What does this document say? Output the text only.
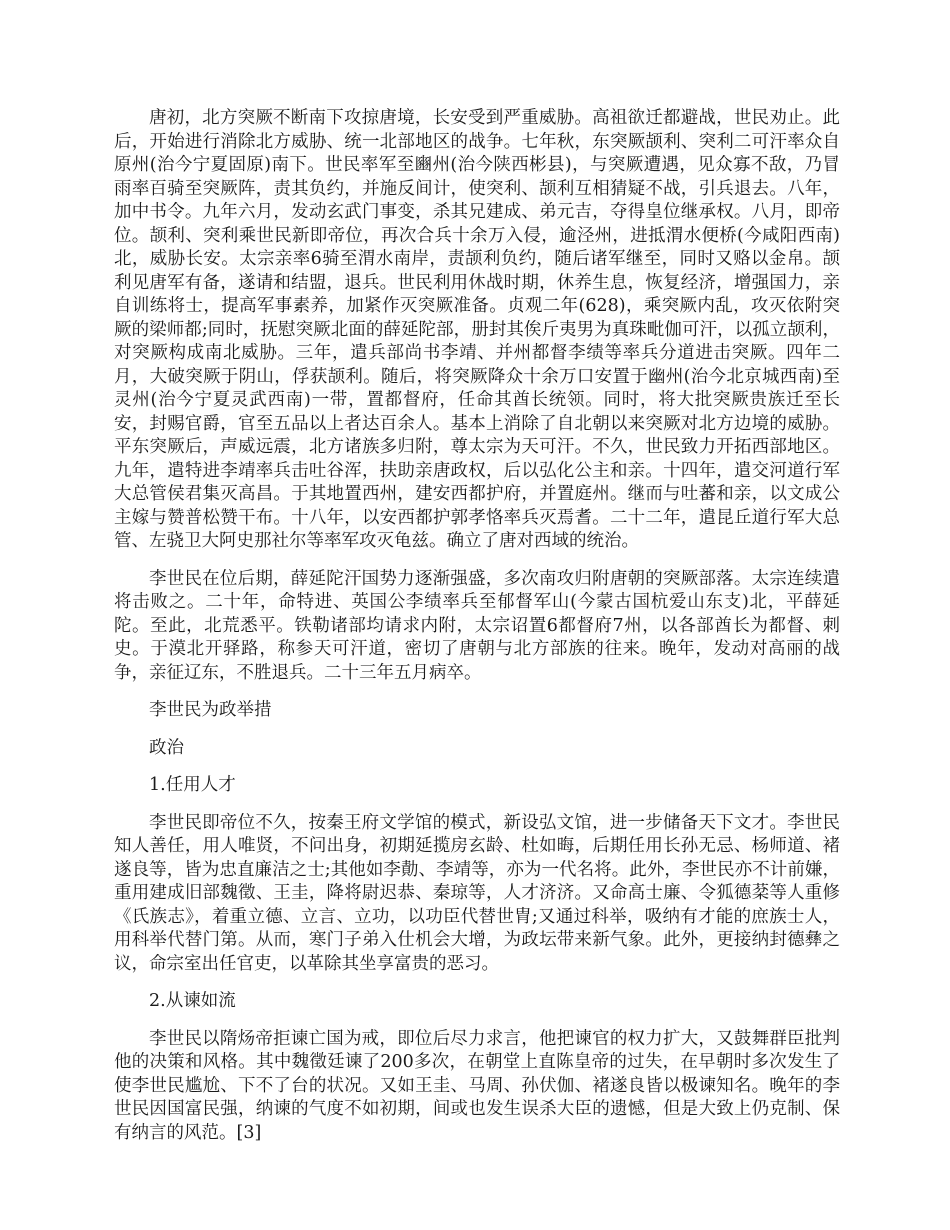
唐初，北方突厥不断南下攻掠唐境，长安受到严重威胁。高祖欲迁都避战，世民劝止。此后，开始进行消除北方威胁、统一北部地区的战争。七年秋，东突厥颉利、突利二可汗率众自原州(治今宁夏固原)南下。世民率军至豳州(治今陕西彬县)，与突厥遭遇，见众寡不敌，乃冒雨率百骑至突厥阵，责其负约，并施反间计，使突利、颉利互相猜疑不战，引兵退去。八年，加中书令。九年六月，发动玄武门事变，杀其兄建成、弟元吉，夺得皇位继承权。八月，即帝位。颉利、突利乘世民新即帝位，再次合兵十余万入侵，逾泾州，进抵渭水便桥(今咸阳西南)北，威胁长安。太宗亲率6骑至渭水南岸，责颉利负约，随后诸军继至，同时又赂以金帛。颉利见唐军有备，遂请和结盟，退兵。世民利用休战时期，休养生息，恢复经济，增强国力，亲自训练将士，提高军事素养，加紧作灭突厥准备。贞观二年(628)，乘突厥内乱，攻灭依附突厥的梁师都;同时，抚慰突厥北面的薛延陀部，册封其俟斤夷男为真珠毗伽可汗，以孤立颉利，对突厥构成南北威胁。三年，遣兵部尚书李靖、并州都督李绩等率兵分道进击突厥。四年二月，大破突厥于阴山，俘获颉利。随后，将突厥降众十余万口安置于幽州(治今北京城西南)至灵州(治今宁夏灵武西南)一带，置都督府，任命其酋长统领。同时，将大批突厥贵族迁至长安，封赐官爵，官至五品以上者达百余人。基本上消除了自北朝以来突厥对北方边境的威胁。平东突厥后，声威远震，北方诸族多归附，尊太宗为天可汗。不久，世民致力开拓西部地区。九年，遣特进李靖率兵击吐谷浑，扶助亲唐政权，后以弘化公主和亲。十四年，遣交河道行军大总管侯君集灭高昌。于其地置西州，建安西都护府，并置庭州。继而与吐蕃和亲，以文成公主嫁与赞普松赞干布。十八年，以安西都护郭孝恪率兵灭焉耆。二十二年，遣昆丘道行军大总管、左骁卫大阿史那社尔等率军攻灭龟兹。确立了唐对西域的统治。

李世民在位后期，薛延陀汗国势力逐渐强盛，多次南攻归附唐朝的突厥部落。太宗连续遣将击败之。二十年，命特进、英国公李绩率兵至郁督军山(今蒙古国杭爱山东支)北，平薛延陀。至此，北荒悉平。铁勒诸部均请求内附，太宗诏置6都督府7州，以各部酋长为都督、刺史。于漠北开驿路，称参天可汗道，密切了唐朝与北方部族的往来。晚年，发动对高丽的战争，亲征辽东，不胜退兵。二十三年五月病卒。

李世民为政举措

政治

1.任用人才

李世民即帝位不久，按秦王府文学馆的模式，新设弘文馆，进一步储备天下文才。李世民知人善任，用人唯贤，不问出身，初期延揽房玄龄、杜如晦，后期任用长孙无忌、杨师道、褚遂良等，皆为忠直廉洁之士;其他如李勣、李靖等，亦为一代名将。此外，李世民亦不计前嫌，重用建成旧部魏徵、王圭，降将尉迟恭、秦琼等，人才济济。又命高士廉、令狐德棻等人重修《氏族志》，着重立德、立言、立功，以功臣代替世胄;又通过科举，吸纳有才能的庶族士人，用科举代替门第。从而，寒门子弟入仕机会大增，为政坛带来新气象。此外，更接纳封德彝之议，命宗室出任官吏，以革除其坐享富贵的恶习。

2.从谏如流

李世民以隋炀帝拒谏亡国为戒，即位后尽力求言，他把谏官的权力扩大，又鼓舞群臣批判他的决策和风格。其中魏徵廷谏了200多次，在朝堂上直陈皇帝的过失，在早朝时多次发生了使李世民尴尬、下不了台的状况。又如王圭、马周、孙伏伽、褚遂良皆以极谏知名。晚年的李世民因国富民强，纳谏的气度不如初期，间或也发生误杀大臣的遗憾，但是大致上仍克制、保有纳言的风范。[3]
